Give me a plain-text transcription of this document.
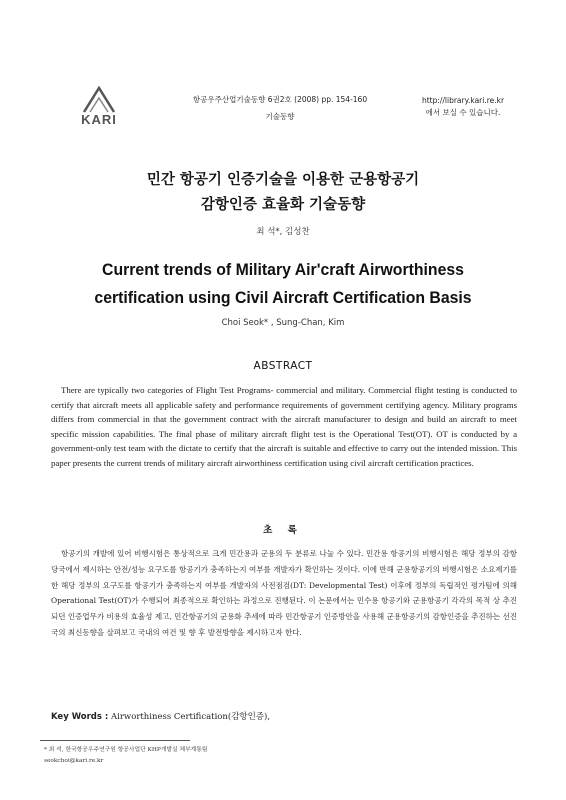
KARI
항공우주산업기술동향 6권2호 (2008) pp. 154-160
기술동향
http://library.kari.re.kr
에서 보실 수 있습니다.
민간 항공기 인증기술을 이용한 군용항공기
감항인증 효율화 기술동향
최 석*, 김성찬
Current trends of Military Air'craft Airworthiness
certification using Civil Aircraft Certification Basis
Choi Seok* , Sung-Chan, Kim
ABSTRACT
There are typically two categories of Flight Test Programs- commercial and military. Commercial flight testing is conducted to certify that aircraft meets all applicable safety and performance requirements of government certifying agency. Military programs differs from commercial in that the government contract with the aircraft manufacturer to design and build an aircraft to meet specific mission capabilities. The final phase of military aircraft flight test is the Operational Test(OT). OT is conducted by a government-only test team with the dictate to certify that the aircraft is suitable and effective to carry out the intended mission. This paper presents the current trends of military aircraft airworthiness certification using civil aircraft certification practices.
초 록
항공기의 개발에 있어 비행시험은 통상적으로 크게 민간용과 군용의 두 분류로 나눌 수 있다. 민간용 항공기의 비행시험은 해당 정부의 감항당국에서 제시하는 안전/성능 요구도를 항공기가 충족하는지 여부를 개발자가 확인하는 것이다. 이에 반해 군용항공기의 비행시험은 소요제기를 한 해당 정부의 요구도를 항공기가 충족하는지 여부를 개발자의 사전점검(DT: Developmental Test) 이후에 정부의 독립적인 평가팀에 의해 Operational Test(OT)가 수행되어 최종적으로 확인하는 과정으로 진행된다. 이 논문에서는 민수용 항공기와 군용항공기 각각의 목적 상 추진되던 인증업무가 비용의 효율성 제고, 민간항공기의 군용화 추세에 따라 민간항공기 인증방안을 사용해 군용항공기의 감항인증을 추진하는 선진국의 최신동향을 살펴보고 국내의 여건 및 향 후 발전방향을 제시하고자 한다.
Key Words : Airworthiness Certification(감항인증),
* 최 석, 한국항공우주연구원 항공사업단 KHP개발실 체부계통팀
seokchoi@kari.re.kr
